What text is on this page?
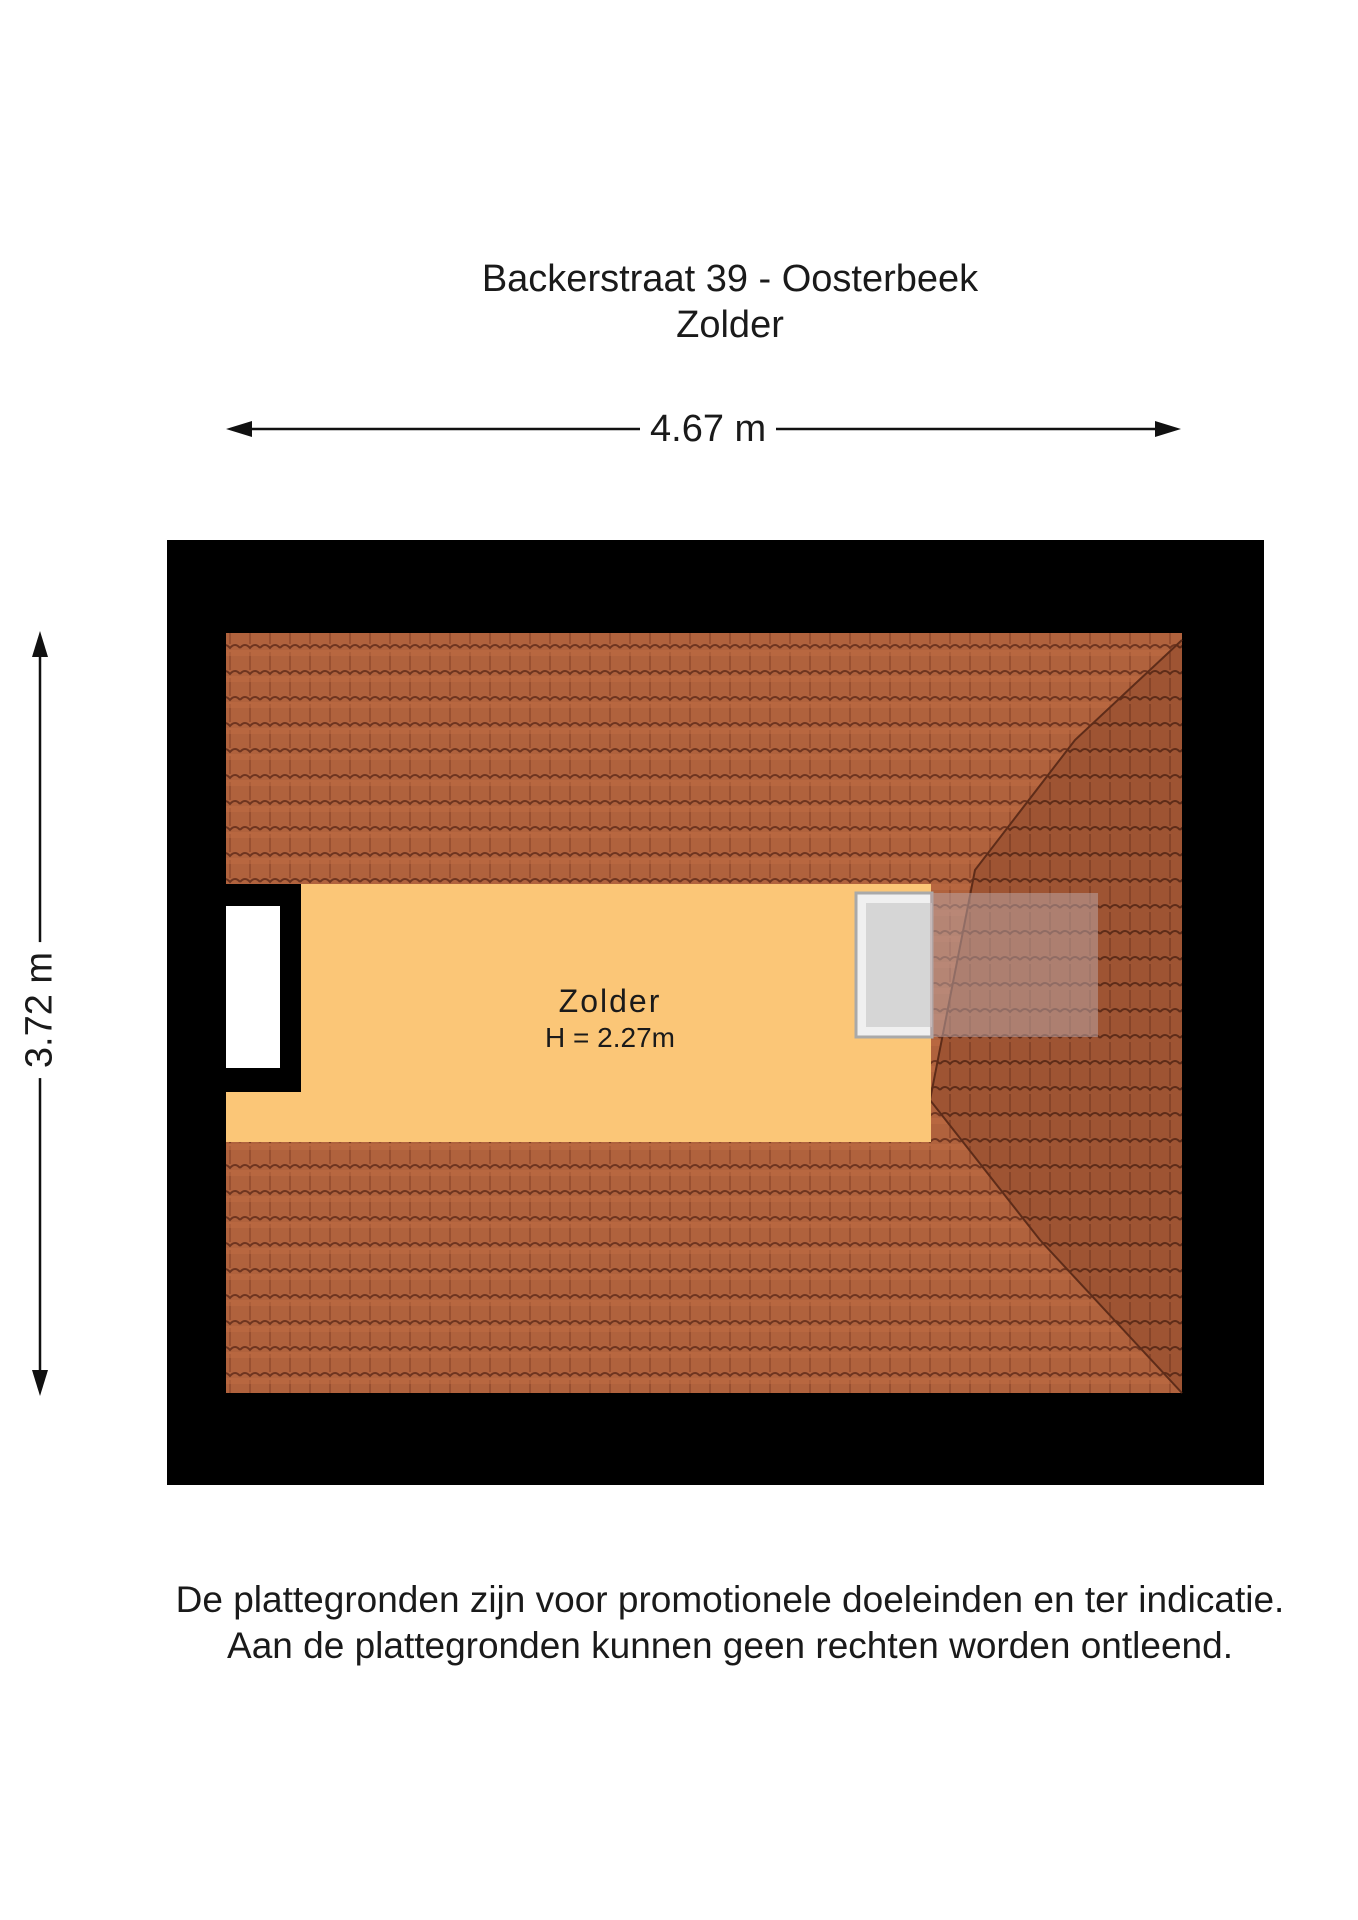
Backerstraat 39 - Oosterbeek
Zolder
4.67 m
3.72 m	Zolder
H = 2.27m
De plattegronden zijn voor promotionele doeleinden en ter indicatie.
Aan de plattegronden kunnen geen rechten worden ontleend.
